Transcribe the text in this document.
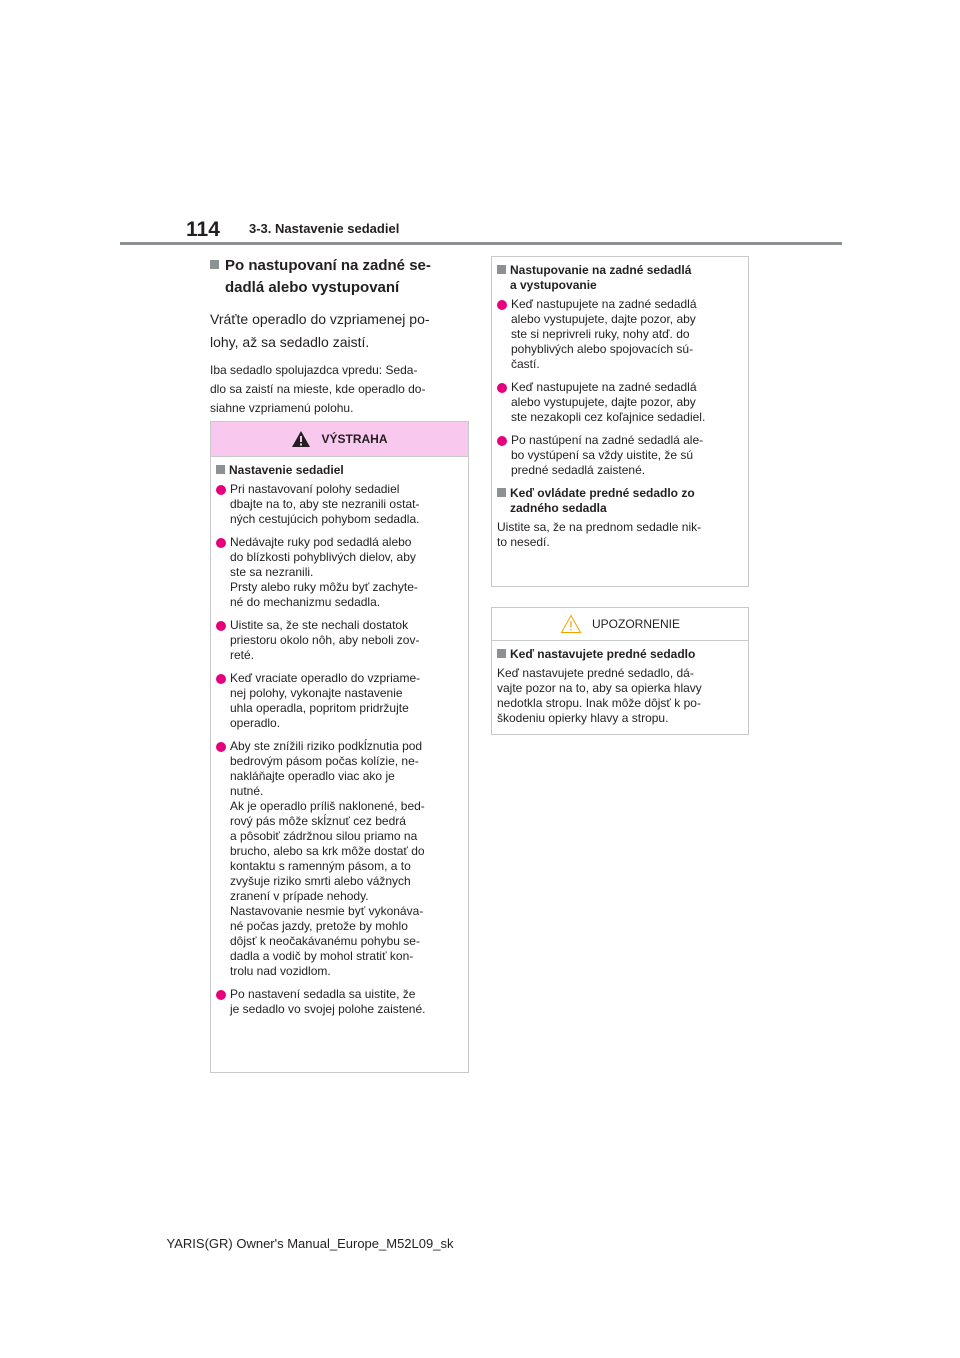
114 3-3. Nastavenie sedadiel
Po nastupovaní na zadné se-
dadlá alebo vystupovaní
Vráťte operadlo do vzpriamenej po-
lohy, až sa sedadlo zaistí.
Iba sedadlo spolujazdca vpredu: Seda-
dlo sa zaistí na mieste, kde operadlo do-
siahne vzpriamenú polohu.
VÝSTRAHA
Nastavenie sedadiel
Pri nastavovaní polohy sedadiel
dbajte na to, aby ste nezranili ostat-
ných cestujúcich pohybom sedadla.
Nedávajte ruky pod sedadlá alebo
do blízkosti pohyblivých dielov, aby
ste sa nezranili.
Prsty alebo ruky môžu byť zachyte-
né do mechanizmu sedadla.
Uistite sa, že ste nechali dostatok
priestoru okolo nôh, aby neboli zov-
reté.
Keď vraciate operadlo do vzpriame-
nej polohy, vykonajte nastavenie
uhla operadla, popritom pridržujte
operadlo.
Aby ste znížili riziko podkĺznutia pod
bedrovým pásom počas kolízie, ne-
nakláňajte operadlo viac ako je
nutné.
Ak je operadlo príliš naklonené, bed-
rový pás môže skĺznuť cez bedrá
a pôsobiť zádržnou silou priamo na
brucho, alebo sa krk môže dostať do
kontaktu s ramenným pásom, a to
zvyšuje riziko smrti alebo vážnych
zranení v prípade nehody.
Nastavovanie nesmie byť vykonáva-
né počas jazdy, pretože by mohlo
dôjsť k neočakávanému pohybu se-
dadla a vodič by mohol stratiť kon-
trolu nad vozidlom.
Po nastavení sedadla sa uistite, že
je sedadlo vo svojej polohe zaistené.
Nastupovanie na zadné sedadlá
a vystupovanie
Keď nastupujete na zadné sedadlá
alebo vystupujete, dajte pozor, aby
ste si neprivreli ruky, nohy atď. do
pohyblivých alebo spojovacích sú-
častí.
Keď nastupujete na zadné sedadlá
alebo vystupujete, dajte pozor, aby
ste nezakopli cez koľajnice sedadiel.
Po nastúpení na zadné sedadlá ale-
bo vystúpení sa vždy uistite, že sú
predné sedadlá zaistené.
Keď ovládate predné sedadlo zo
zadného sedadla
Uistite sa, že na prednom sedadle nik-
to nesedí.
UPOZORNENIE
Keď nastavujete predné sedadlo
Keď nastavujete predné sedadlo, dá-
vajte pozor na to, aby sa opierka hlavy
nedotkla stropu. Inak môže dôjsť k po-
škodeniu opierky hlavy a stropu.
YARIS(GR) Owner's Manual_Europe_M52L09_sk
